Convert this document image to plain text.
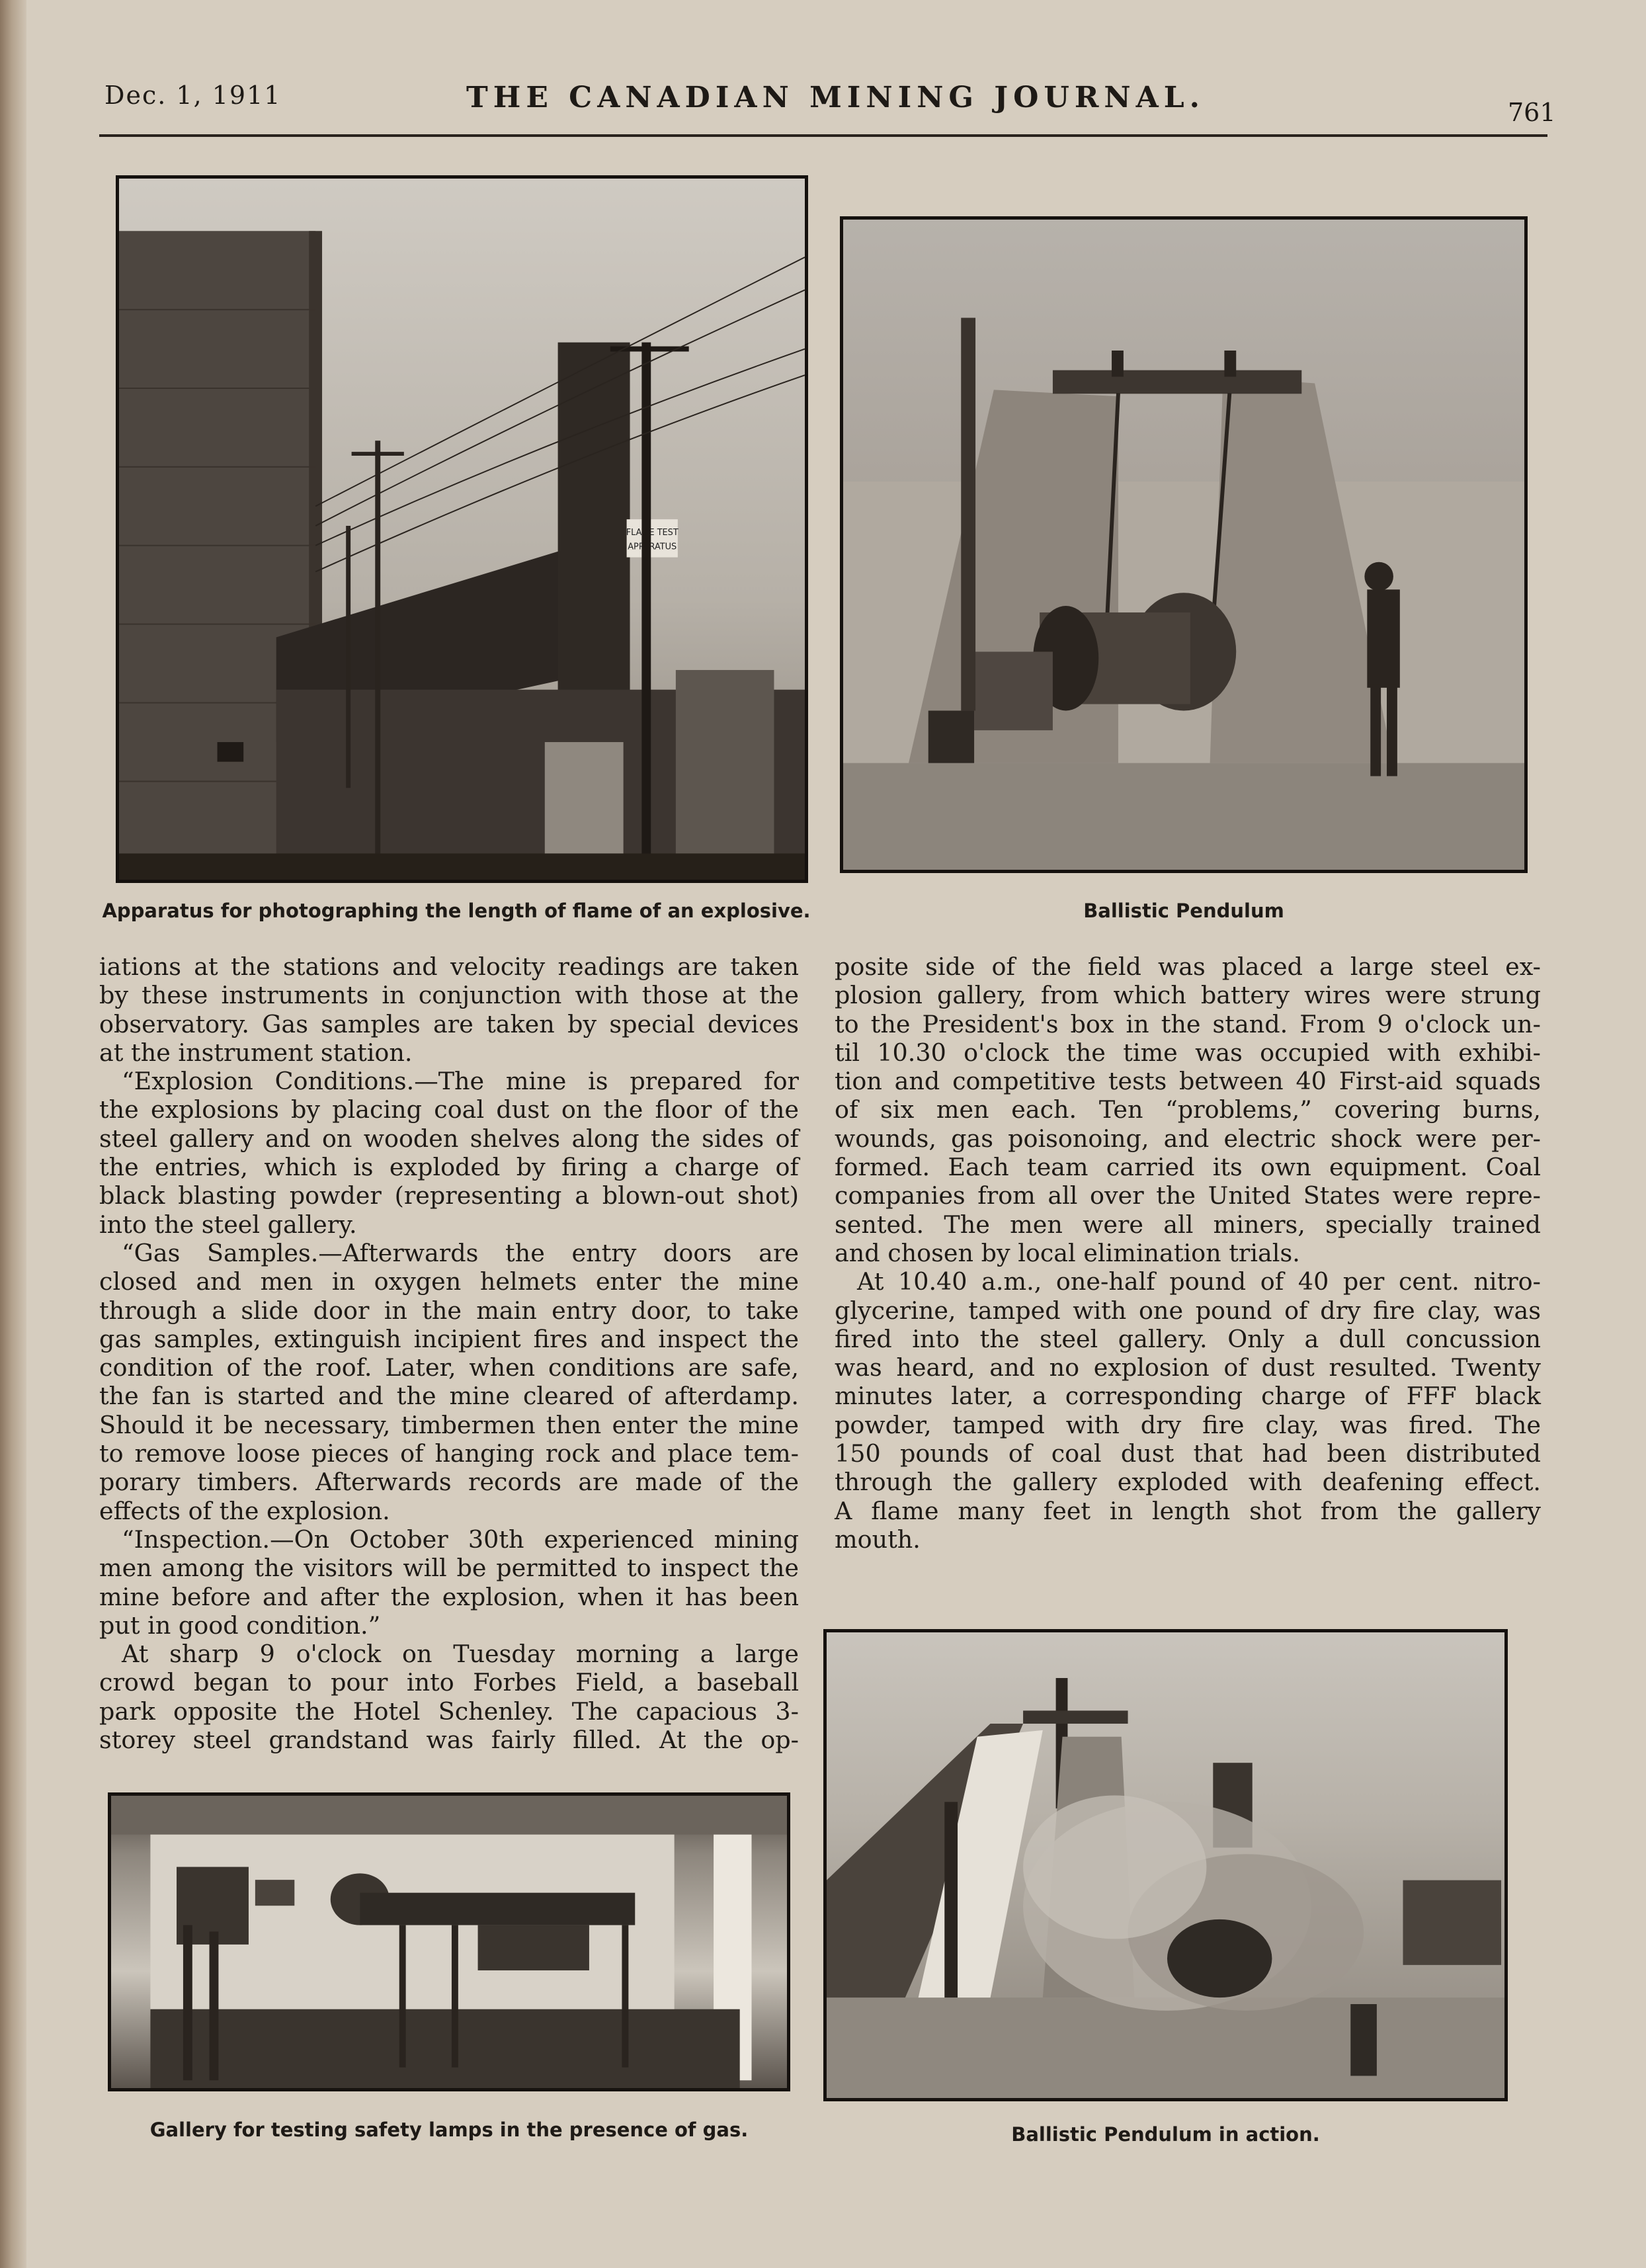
Dec. 1, 1911	THE CANADIAN MINING JOURNAL.	761
FLAME TEST
APPARATUS
Apparatus for photographing the length of flame of an explosive.	Ballistic Pendulum

iations at the stations and velocity readings are taken

by these instruments in conjunction with those at the

observatory. Gas samples are taken by special devices

at the instrument station.

“Explosion Conditions.—The mine is prepared for

the explosions by placing coal dust on the floor of the

steel gallery and on wooden shelves along the sides of

the entries, which is exploded by firing a charge of

black blasting powder (representing a blown-out shot)

into the steel gallery.

“Gas Samples.—Afterwards the entry doors are

closed and men in oxygen helmets enter the mine

through a slide door in the main entry door, to take

gas samples, extinguish incipient fires and inspect the

condition of the roof. Later, when conditions are safe,

the fan is started and the mine cleared of afterdamp.

Should it be necessary, timbermen then enter the mine

to remove loose pieces of hanging rock and place tem-

porary timbers. Afterwards records are made of the

effects of the explosion.

“Inspection.—On October 30th experienced mining

men among the visitors will be permitted to inspect the

mine before and after the explosion, when it has been

put in good condition.”

At sharp 9 o'clock on Tuesday morning a large

crowd began to pour into Forbes Field, a baseball

park opposite the Hotel Schenley. The capacious 3-

storey steel grandstand was fairly filled. At the op-

posite side of the field was placed a large steel ex-

plosion gallery, from which battery wires were strung

to the President's box in the stand. From 9 o'clock un-

til 10.30 o'clock the time was occupied with exhibi-

tion and competitive tests between 40 First-aid squads

of six men each. Ten “problems,” covering burns,

wounds, gas poisonoing, and electric shock were per-

formed. Each team carried its own equipment. Coal

companies from all over the United States were repre-

sented. The men were all miners, specially trained

and chosen by local elimination trials.

At 10.40 a.m., one-half pound of 40 per cent. nitro-

glycerine, tamped with one pound of dry fire clay, was

fired into the steel gallery. Only a dull concussion

was heard, and no explosion of dust resulted. Twenty

minutes later, a corresponding charge of FFF black

powder, tamped with dry fire clay, was fired. The

150 pounds of coal dust that had been distributed

through the gallery exploded with deafening effect.

A flame many feet in length shot from the gallery

mouth.

Gallery for testing safety lamps in the presence of gas.	Ballistic Pendulum in action.
